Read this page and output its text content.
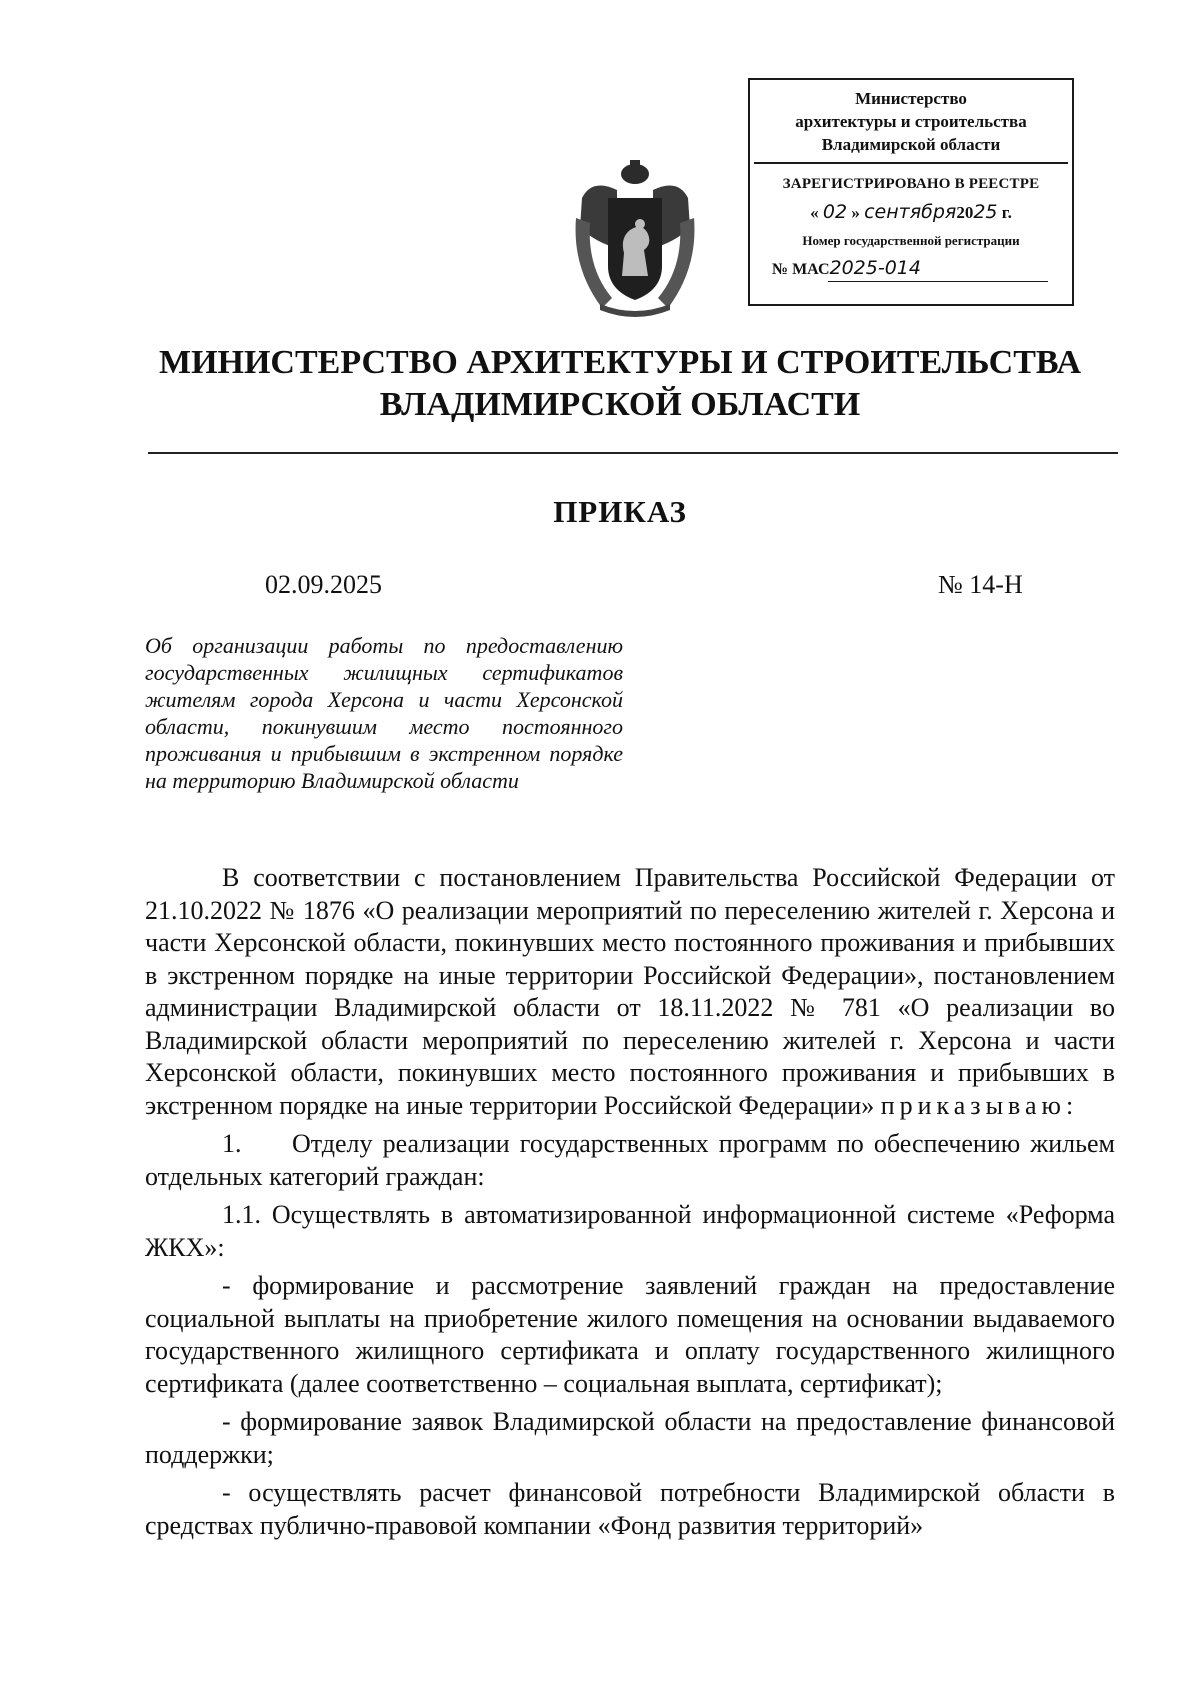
Министерство
архитектуры и строительства
Владимирской области
ЗАРЕГИСТРИРОВАНО В РЕЕСТРЕ
« 02 » сентября2025 г.
Номер государственной регистрации
№ МАС2025-014
МИНИСТЕРСТВО АРХИТЕКТУРЫ И СТРОИТЕЛЬСТВА
ВЛАДИМИРСКОЙ ОБЛАСТИ
ПРИКАЗ
02.09.2025	№ 14-Н
Об организации работы по предоставлению государственных жилищных сертификатов жителям города Херсона и части Херсонской области, покинувшим место постоянного проживания и прибывшим в экстренном порядке на территорию Владимирской области

В соответствии с постановлением Правительства Российской Федерации от 21.10.2022 № 1876 «О реализации мероприятий по переселению жителей г. Херсона и части Херсонской области, покинувших место постоянного проживания и прибывших в экстренном порядке на иные территории Российской Федерации», постановлением администрации Владимирской области от 18.11.2022 № 781 «О реализации во Владимирской области мероприятий по переселению жителей г. Херсона и части Херсонской области, покинувших место постоянного проживания и прибывших в экстренном порядке на иные территории Российской Федерации» приказываю:

1.     Отделу реализации государственных программ по обеспечению жильем отдельных категорий граждан:

1.1. Осуществлять в автоматизированной информационной системе «Реформа ЖКХ»:

- формирование и рассмотрение заявлений граждан на предоставление социальной выплаты на приобретение жилого помещения на основании выдаваемого государственного жилищного сертификата и оплату государственного жилищного сертификата (далее соответственно – социальная выплата, сертификат);

- формирование заявок Владимирской области на предоставление финансовой поддержки;

- осуществлять расчет финансовой потребности Владимирской области в средствах публично-правовой компании «Фонд развития территорий»
